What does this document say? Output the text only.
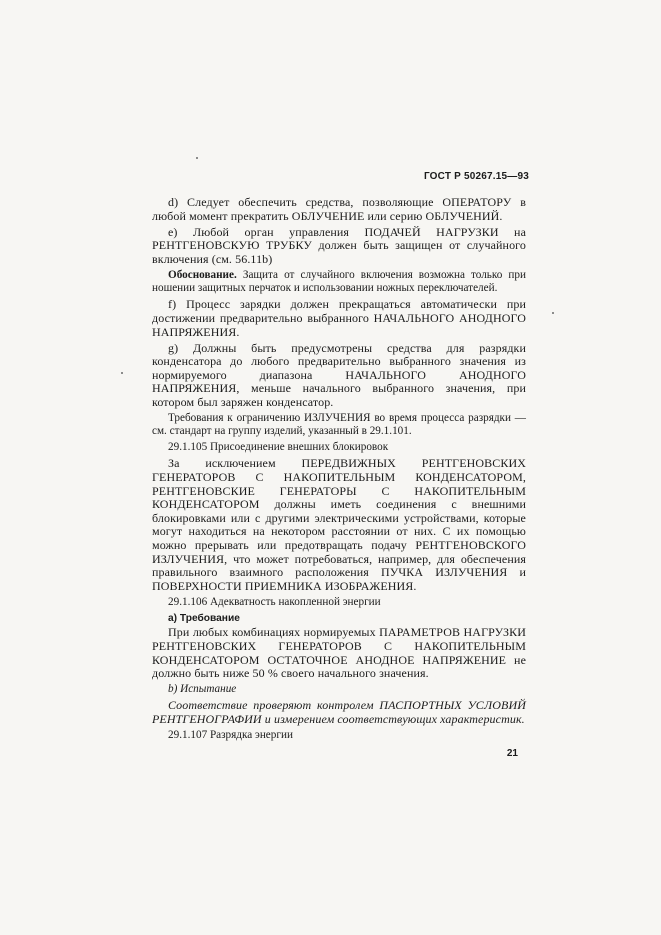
ГОСТ Р 50267.15—93

d) Следует обеспечить средства, позволяющие ОПЕРАТОРУ в любой момент прекратить ОБЛУЧЕНИЕ или серию ОБЛУЧЕНИЙ.

e) Любой орган управления ПОДАЧЕЙ НАГРУЗКИ на РЕНТГЕНОВСКУЮ ТРУБКУ должен быть защищен от случайного включения (см. 56.11b)

Обоснование. Защита от случайного включения возможна только при ношении защитных перчаток и использовании ножных переключателей.

f) Процесс зарядки должен прекращаться автоматически при достижении предварительно выбранного НАЧАЛЬНОГО АНОДНОГО НАПРЯЖЕНИЯ.

g) Должны быть предусмотрены средства для разрядки конденсатора до любого предварительно выбранного значения из нормируемого диапазона НАЧАЛЬНОГО АНОДНОГО НАПРЯЖЕНИЯ, меньше начального выбранного значения, при котором был заряжен конденсатор.

Требования к ограничению ИЗЛУЧЕНИЯ во время процесса разрядки — см. стандарт на группу изделий, указанный в 29.1.101.

29.1.105 Присоединение внешних блокировок

За исключением ПЕРЕДВИЖНЫХ РЕНТГЕНОВСКИХ ГЕНЕРАТОРОВ С НАКОПИТЕЛЬНЫМ КОНДЕНСАТОРОМ, РЕНТГЕНОВСКИЕ ГЕНЕРАТОРЫ С НАКОПИТЕЛЬНЫМ КОНДЕНСАТОРОМ должны иметь соединения с внешними блокировками или с другими электрическими устройствами, которые могут находиться на некотором расстоянии от них. С их помощью можно прерывать или предотвращать подачу РЕНТГЕНОВСКОГО ИЗЛУЧЕНИЯ, что может потребоваться, например, для обеспечения правильного взаимного расположения ПУЧКА ИЗЛУЧЕНИЯ и ПОВЕРХНОСТИ ПРИЕМНИКА ИЗОБРАЖЕНИЯ.

29.1.106 Адекватность накопленной энергии

a) Требование

При любых комбинациях нормируемых ПАРАМЕТРОВ НАГРУЗКИ РЕНТГЕНОВСКИХ ГЕНЕРАТОРОВ С НАКОПИТЕЛЬНЫМ КОНДЕНСАТОРОМ ОСТАТОЧНОЕ АНОДНОЕ НАПРЯЖЕНИЕ не должно быть ниже 50 % своего начального значения.

b) Испытание

Соответствие проверяют контролем ПАСПОРТНЫХ УСЛОВИЙ РЕНТГЕНОГРАФИИ и измерением соответствующих характеристик.

29.1.107 Разрядка энергии

21
